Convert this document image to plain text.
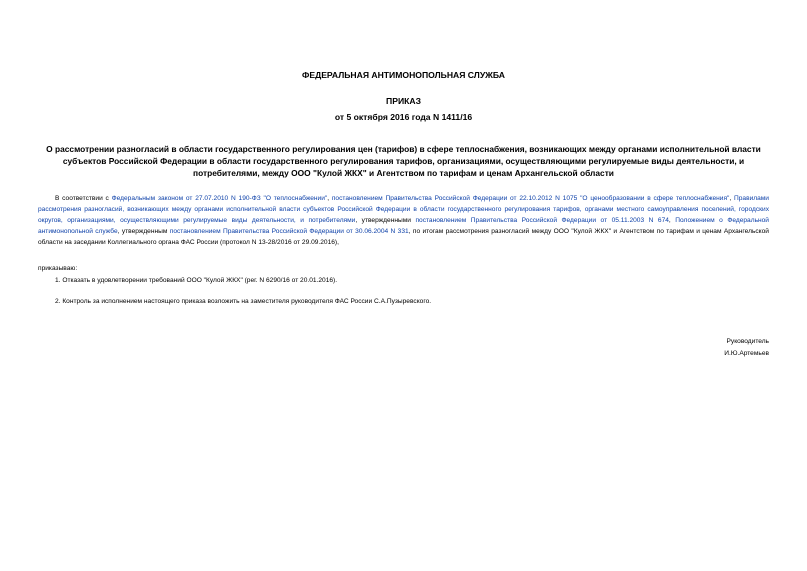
ФЕДЕРАЛЬНАЯ АНТИМОНОПОЛЬНАЯ СЛУЖБА
ПРИКАЗ
от 5 октября 2016 года N 1411/16
О рассмотрении разногласий в области государственного регулирования цен (тарифов) в сфере теплоснабжения, возникающих между органами исполнительной власти субъектов Российской Федерации в области государственного регулирования тарифов, организациями, осуществляющими регулируемые виды деятельности, и потребителями, между ООО "Кулой ЖКХ" и Агентством по тарифам и ценам Архангельской области
В соответствии с Федеральным законом от 27.07.2010 N 190-ФЗ "О теплоснабжении", постановлением Правительства Российской Федерации от 22.10.2012 N 1075 "О ценообразовании в сфере теплоснабжения", Правилами рассмотрения разногласий, возникающих между органами исполнительной власти субъектов Российской Федерации в области государственного регулирования тарифов, органами местного самоуправления поселений, городских округов, организациями, осуществляющими регулируемые виды деятельности, и потребителями, утвержденными постановлением Правительства Российской Федерации от 05.11.2003 N 674, Положением о Федеральной антимонопольной службе, утвержденным постановлением Правительства Российской Федерации от 30.06.2004 N 331, по итогам рассмотрения разногласий между ООО "Кулой ЖКХ" и Агентством по тарифам и ценам Архангельской области на заседании Коллегиального органа ФАС России (протокол N 13-28/2016 от 29.09.2016),
приказываю:
1. Отказать в удовлетворении требований ООО "Кулой ЖКХ" (рег. N 6290/16 от 20.01.2016).
2. Контроль за исполнением настоящего приказа возложить на заместителя руководителя ФАС России С.А.Пузыревского.
Руководитель
И.Ю.Артемьев
